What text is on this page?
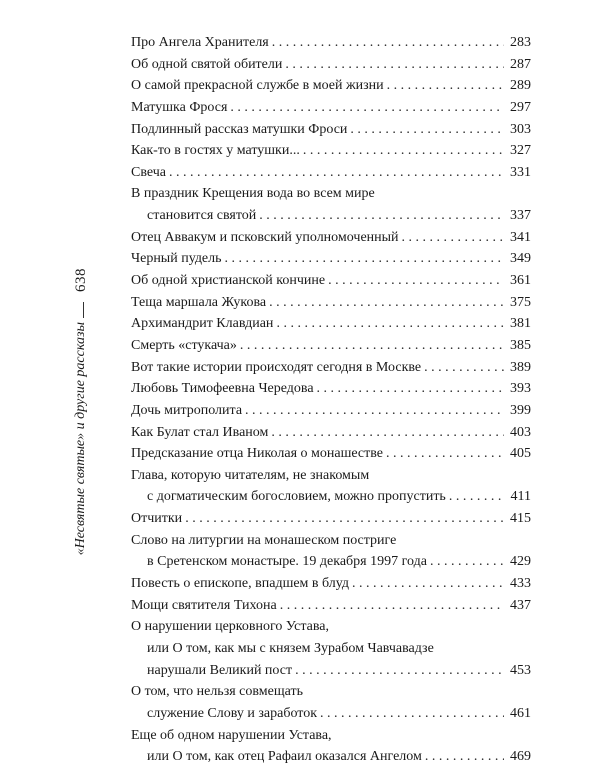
638
«Несвятые святые» и другие рассказы
Про Ангела Хранителя . . .	283
Об одной святой обители . . .	287
О самой прекрасной службе в моей жизни . . .	289
Матушка Фрося . . .	297
Подлинный рассказ матушки Фроси . . .	303
Как-то в гостях у матушки... . . .	327
Свеча . . .	331
В праздник Крещения вода во всем мире
становится святой . . .	337
Отец Аввакум и псковский уполномоченный . . .	341
Черный пудель . . .	349
Об одной христианской кончине . . .	361
Теща маршала Жукова . . .	375
Архимандрит Клавдиан . . .	381
Смерть «стукача» . . .	385
Вот такие истории происходят сегодня в Москве . . .	389
Любовь Тимофеевна Чередова . . .	393
Дочь митрополита . . .	399
Как Булат стал Иваном . . .	403
Предсказание отца Николая о монашестве . . .	405
Глава, которую читателям, не знакомым
с догматическим богословием, можно пропустить . . .	411
Отчитки . . .	415
Слово на литургии на монашеском постриге
в Сретенском монастыре. 19 декабря 1997 года . . .	429
Повесть о епископе, впадшем в блуд . . .	433
Мощи святителя Тихона . . .	437
О нарушении церковного Устава,
или О том, как мы с князем Зурабом Чавчавадзе
нарушали Великий пост . . .	453
О том, что нельзя совмещать
служение Слову и заработок . . .	461
Еще об одном нарушении Устава,
или О том, как отец Рафаил оказался Ангелом . . .	469
